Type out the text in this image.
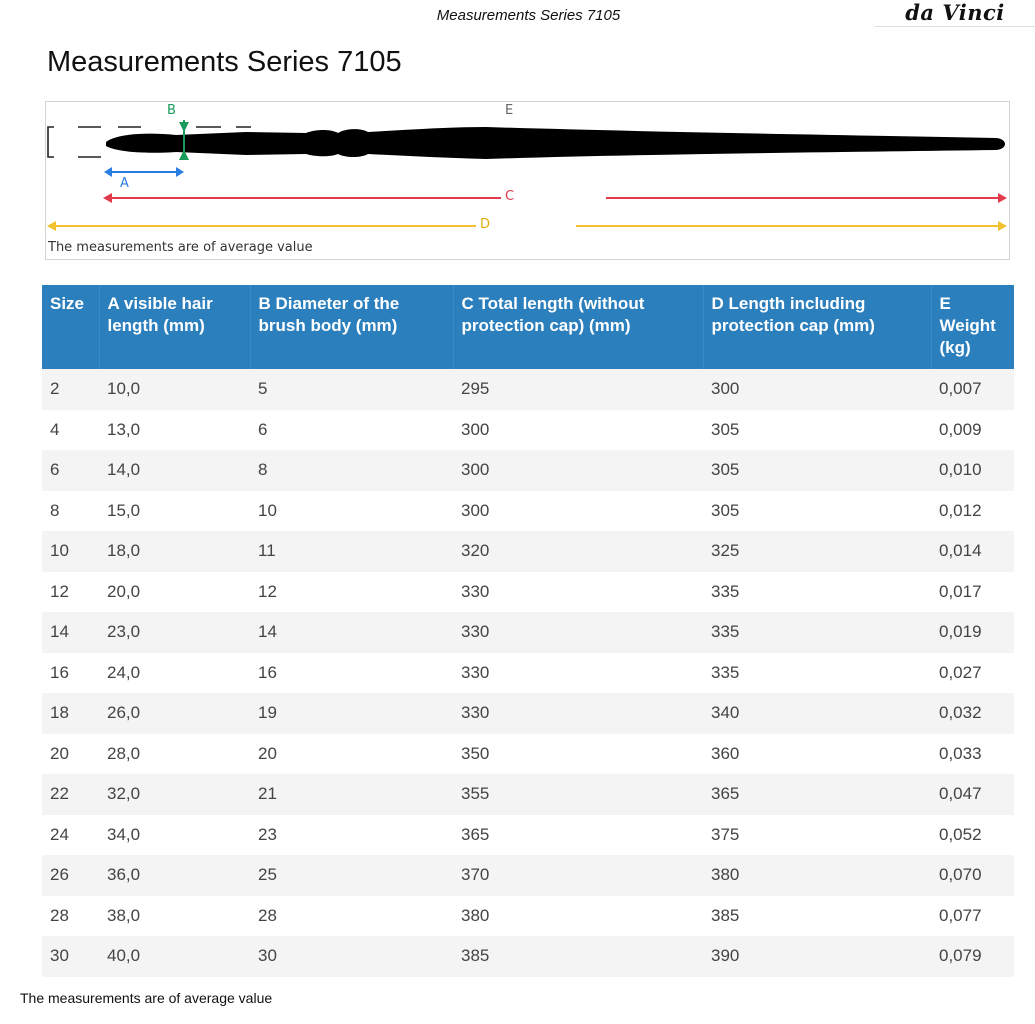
Measurements Series 7105	da Vinci
Measurements Series 7105
B	E
A
C
D
The measurements are of average value
Size	A visible hair length (mm)	B Diameter of the brush body (mm)	C Total length (without protection cap) (mm)	D Length including protection cap (mm)	E Weight (kg)
2	10,0	5	295	300	0,007
4	13,0	6	300	305	0,009
6	14,0	8	300	305	0,010
8	15,0	10	300	305	0,012
10	18,0	11	320	325	0,014
12	20,0	12	330	335	0,017
14	23,0	14	330	335	0,019
16	24,0	16	330	335	0,027
18	26,0	19	330	340	0,032
20	28,0	20	350	360	0,033
22	32,0	21	355	365	0,047
24	34,0	23	365	375	0,052
26	36,0	25	370	380	0,070
28	38,0	28	380	385	0,077
30	40,0	30	385	390	0,079
The measurements are of average value
